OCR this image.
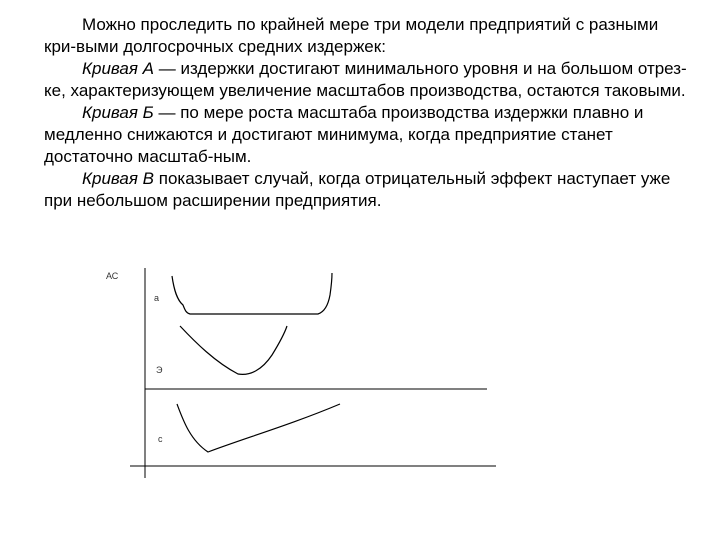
Можно проследить по крайней мере три модели предприятий с разными кри-выми долгосрочных средних издержек:

Кривая А — издержки достигают минимального уровня и на большом отрез-ке, характеризующем увеличение масштабов производства, остаются таковыми.

Кривая Б — по мере роста масштаба производства издержки плавно и медленно снижаются и достигают минимума, когда предприятие станет достаточно масштаб-ным.

Кривая В показывает случай, когда отрицательный эффект наступает уже при небольшом расширении предприятия.

АС
a
Э
c
